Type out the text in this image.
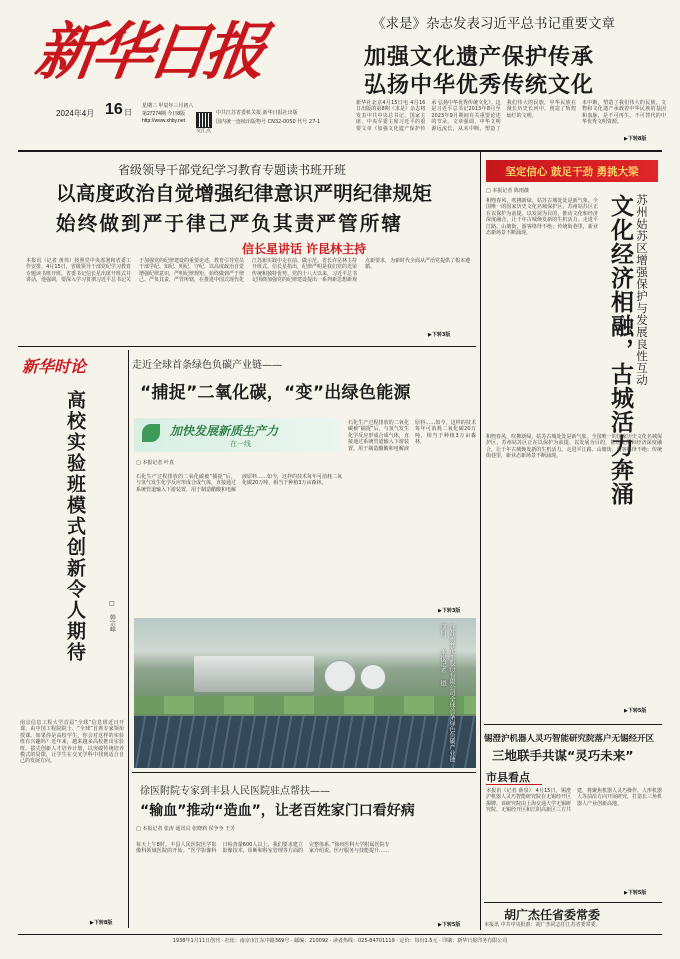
新华日报
2024年4月 16 日
星期二 甲辰年三月初八
第27274期 今日8版
http://www.xhby.net
中共江苏省委机关报 新华日报社出版
国内统一连续出版物号 CN32-0050 代号 27-1
交汇点
《求是》杂志发表习近平总书记重要文章
加强文化遗产保护传承
弘扬中华优秀传统文化
新华社北京4月15日电 4月16日出版的第8期《求是》杂志将发表中共中央总书记、国家主席、中央军委主席习近平的重要文章《加强文化遗产保护传承 弘扬中华优秀传统文化》。这是习近平总书记2013年8月至2023年9月期间有关重要论述的节录。文章强调，中华文明源远流长，从未中断，塑造了我们伟大的民族，中华民族在漫长历史长河中，创造了辉煌灿烂的文明。
未中断，塑造了我们伟大的民族。文物和文化遗产承载着中华民族的基因和血脉，是不可再生、不可替代的中华优秀文明资源。
▶下转8版
省级领导干部党纪学习教育专题读书班开班
以高度政治自觉增强纪律意识严明纪律规矩
始终做到严于律己严负其责严管所辖
信长星讲话 许昆林主持
本报讯（记者 黄伟）按照党中央部署和省委工作安排，4月15日，省级领导干部党纪学习教育专题读书班开班。省委书记信长星出席开班式并讲话，他强调，要深入学习贯彻习近平总书记关于加强党的纪律建设的重要论述，教育引导党员干部学纪、知纪、明纪、守纪，以高度政治自觉增强纪律意识，严明纪律规矩，始终做到严于律己、严负其责、严管所辖，在推进中国式现代化江苏新实践中走在前、做示范。省长许昆林主持开班式。信长星指出，纪律严明是我们党的光荣传统和独特优势。党的十八大以来，习近平总书记围绕加强党的纪律建设提出一系列新思想新观点新要求，为新时代全面从严治党提供了根本遵循。
▶下转3版
坚定信心 鼓足干劲 勇挑大梁
□ 本报记者 陈雨薇
苏州姑苏区增强保护与发展良性互动
文化经济相融，古城活力奔涌
和煦春风，吹拂新绿，姑苏古城处处是新气象。全国唯一的国家历史文化名城保护区，苏州姑苏区正在以保护为前提、以发展为目的，推动文化和经济深度融合，让千年古城焕发新的生机活力。走进平江路、山塘街，游客络绎不绝；传统街巷里，新业态新场景不断涌现。
和煦春风，吹拂新绿，姑苏古城处处是新气象。全国唯一的国家历史文化名城保护区，苏州姑苏区正在以保护为前提、以发展为目的，推动文化和经济深度融合，让千年古城焕发新的生机活力。走进平江路、山塘街，游客络绎不绝；传统街巷里，新业态新场景不断涌现。
▶下转5版
新华时论
高校实验班模式创新令人期待	□ 韩宗峰
南京信息工程大学首届“全球”信息班近日开课，由中国工程院院士、“全球”首席专家领衔授课。如果你是高校学生，你会对这样的实验班有兴趣吗？近年来，越来越多高校推出实验班、拔尖创新人才培养计划，以突破传统培养模式的局限，让学生在交叉学科中找到适合自己的发展方向。
▶下转8版
走近全球首条绿色负碳产业链——
“捕捉”二氧化碳，“变”出绿色能源
加快发展新质生产力
在一线
□ 本报记者 叶真
石化生产过程排放的二氧化碳被“捕捉”后，与氢气发生化学反应形成合成气体，直接通过系统管道输入下游装置，用于制造醋酸和电解液原料……如今，这样的技术每年可消耗二氧化碳20万吨，相当于种植3万亩森林。
石化生产过程排放的二氧化碳被“捕捉”后，与氢气发生化学反应形成合成气体，直接通过系统管道输入下游装置，用于制造醋酸和电解液原料……如今，这样的技术每年可消耗二氧化碳20万吨，相当于种植3万亩森林。
▶下转3版
江苏索普化工股份有限公司全球首条绿色负碳产业链项目。 本报记者 摄
徐医附院专家到丰县人民医院驻点帮扶——
“输血”推动“造血”，让老百姓家门口看好病
□ 本报记者 张涛 通讯员 张晓莉 侯争争 王芳
每天上午8时，丰县人民医院医学影像科领域医院的开始。“医学影像科日检查量600人以上，我们要求建立影像技术、诊断和科室管理等方面的完整体系。”徐州医科大学附属医院专家介绍说。医疗服务与技能提升……
▶下转5版
锡澄沪机器人灵巧智能研究院落户无锡经开区
三地联手共谋“灵巧未来”
市县看点
本报讯（记者 薛泉） 4月15日，锡澄沪机器人灵巧智能研究院在无锡经开区揭牌。该研究院由上海交通大学无锡研究院、无锡经开区和江阴高新区三方共建，将聚焦机器人灵巧操作、人形机器人等前沿方向开展研究，打造长三角机器人产业创新高地。
▶下转5版
胡广杰任省委常委
本报讯 中共中央批准：胡广杰同志任江苏省委常委。
1938年1月11日创刊 · 社址：南京市江东中路369号 · 邮编：210092 · 读者热线：025-84701119 · 定价：每份1.5元 · 印刷：新华日报印务有限公司
